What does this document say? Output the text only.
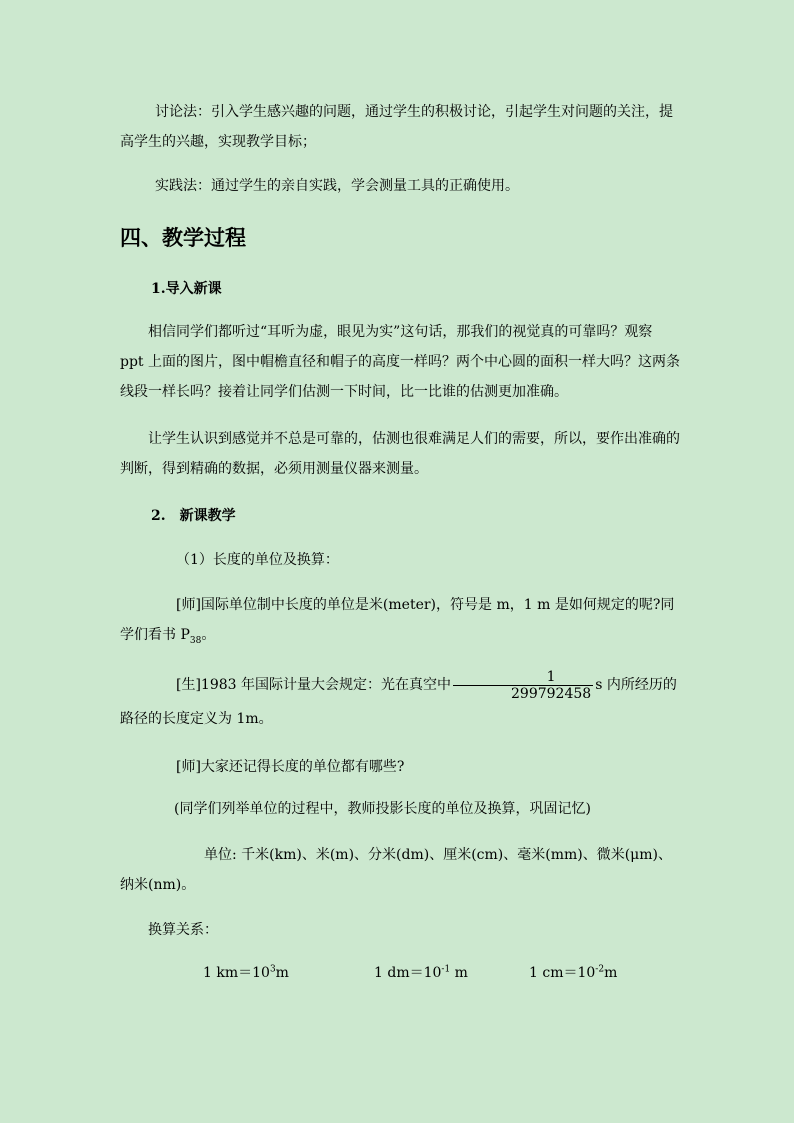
讨论法：引入学生感兴趣的问题，通过学生的积极讨论，引起学生对问题的关注，提高学生的兴趣，实现教学目标；

实践法：通过学生的亲自实践，学会测量工具的正确使用。

四、教学过程
1.导入新课

相信同学们都听过“耳听为虚，眼见为实”这句话，那我们的视觉真的可靠吗？观察 ppt 上面的图片，图中帽檐直径和帽子的高度一样吗？两个中心圆的面积一样大吗？这两条线段一样长吗？接着让同学们估测一下时间，比一比谁的估测更加准确。

让学生认识到感觉并不总是可靠的，估测也很难满足人们的需要，所以，要作出准确的判断，得到精确的数据，必须用测量仪器来测量。

2.　新课教学

（1）长度的单位及换算：

[师]国际单位制中长度的单位是米(meter)，符号是 m，1 m 是如何规定的呢?同学们看书 $P_{38}$。

[生]1983 年国际计量大会规定：光在真空中 $\frac{1}{299792458}$ s 内所经历的路径的长度定义为 1m。

[师]大家还记得长度的单位都有哪些?

(同学们列举单位的过程中，教师投影长度的单位及换算，巩固记忆)

单位: 千米(km)、米(m)、分米(dm)、厘米(cm)、毫米(mm)、微米(μm)、纳米(nm)。

换算关系：

1 $km=10^3m$	1 $dm=10^{-1}$ m	1 $cm=10^{-2}m$
